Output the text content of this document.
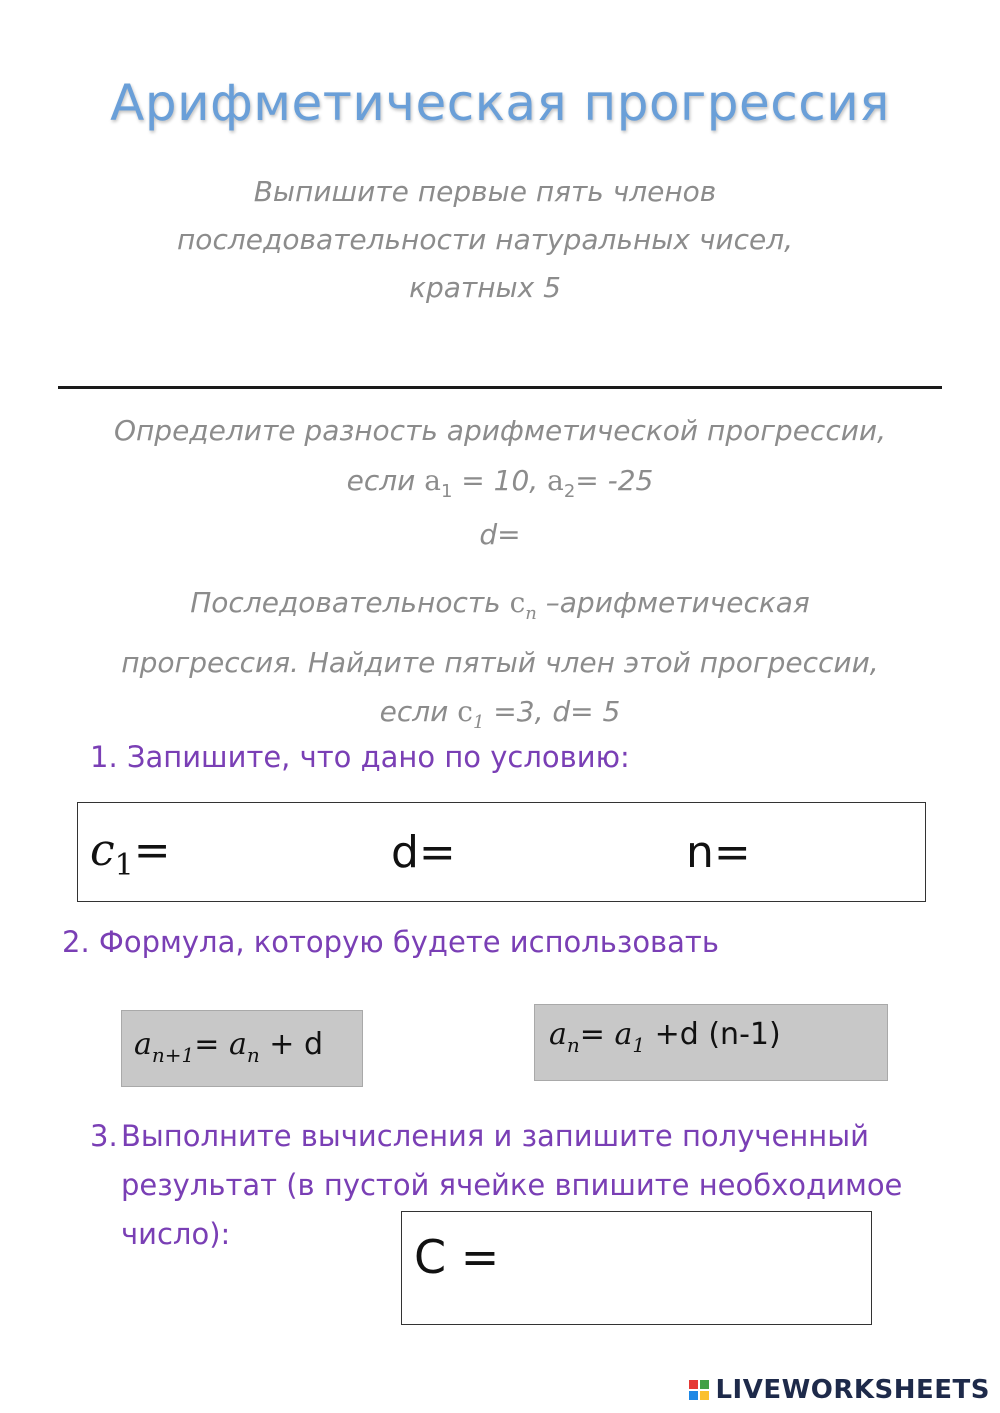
Арифметическая прогрессия
Выпишите первые пять членов
последовательности натуральных чисел,
кратных 5
Определите разность арифметической прогрессии,
если $a_1 = 10$, $a_2= -25$
d=
Последовательность $c_n$ –арифметическая
прогрессия. Найдите пятый член этой прогрессии,
если $c_1 =3$, d= 5
1. Запишите, что дано по условию:
$c_1=$	d=	n=
2. Формула, которую будете использовать
$a_{n+1}= a_n + d$	$a_n= a_1 +d$ (n-1)
3. Выполните вычисления и запишите полученный результат (в пустой ячейке впишите необходимое число):	C =
LIVEWORKSHEETS
